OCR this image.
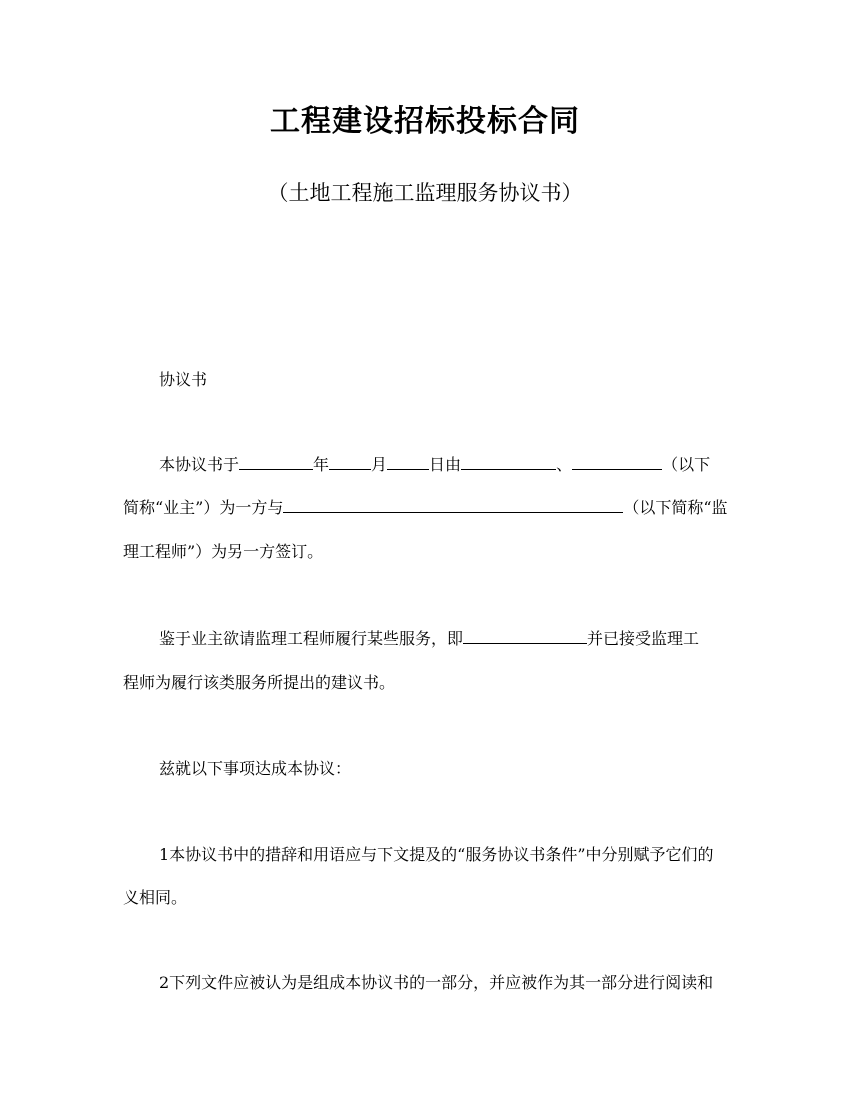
工程建设招标投标合同
（土地工程施工监理服务协议书）
协议书
本协议书于	年	月	日由	、	（以下
简称“业主”）为一方与	（以下简称“监
理工程师”）为另一方签订。
鉴于业主欲请监理工程师履行某些服务，即	并已接受监理工
程师为履行该类服务所提出的建议书。
兹就以下事项达成本协议：
1本协议书中的措辞和用语应与下文提及的“服务协议书条件”中分别赋予它们的
义相同。
2下列文件应被认为是组成本协议书的一部分，并应被作为其一部分进行阅读和
